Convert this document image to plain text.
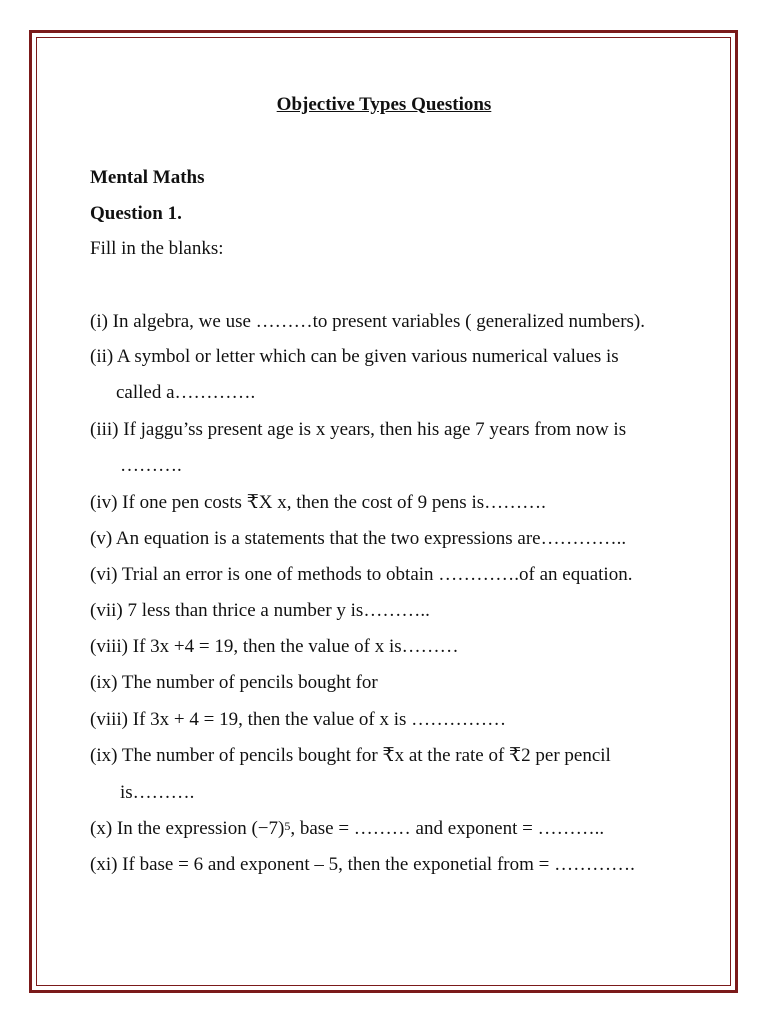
Objective Types Questions
Mental Maths
Question 1.
Fill in the blanks:
(i) In algebra, we use ………to present variables ( generalized numbers).
(ii) A symbol or letter which can be given various numerical values is
called a………….
(iii) If jaggu’ss present age is x years, then his age 7 years from now is
……….
(iv) If one pen costs ₹X x, then the cost of 9 pens is……….
(v) An equation is a statements that the two expressions are…………..
(vi) Trial an error is one of methods to obtain ………….of an equation.
(vii) 7 less than thrice a number y is………..
(viii) If 3x +4 = 19, then the value of x is………
(ix) The number of pencils bought for
(viii) If 3x + 4 = 19, then the value of x is ……………
(ix) The number of pencils bought for ₹x at the rate of ₹2 per pencil
is……….
(x) In the expression $(-7)^5$, base = ……… and exponent = ………..
(xi) If base = 6 and exponent – 5, then the exponetial from = ………….
